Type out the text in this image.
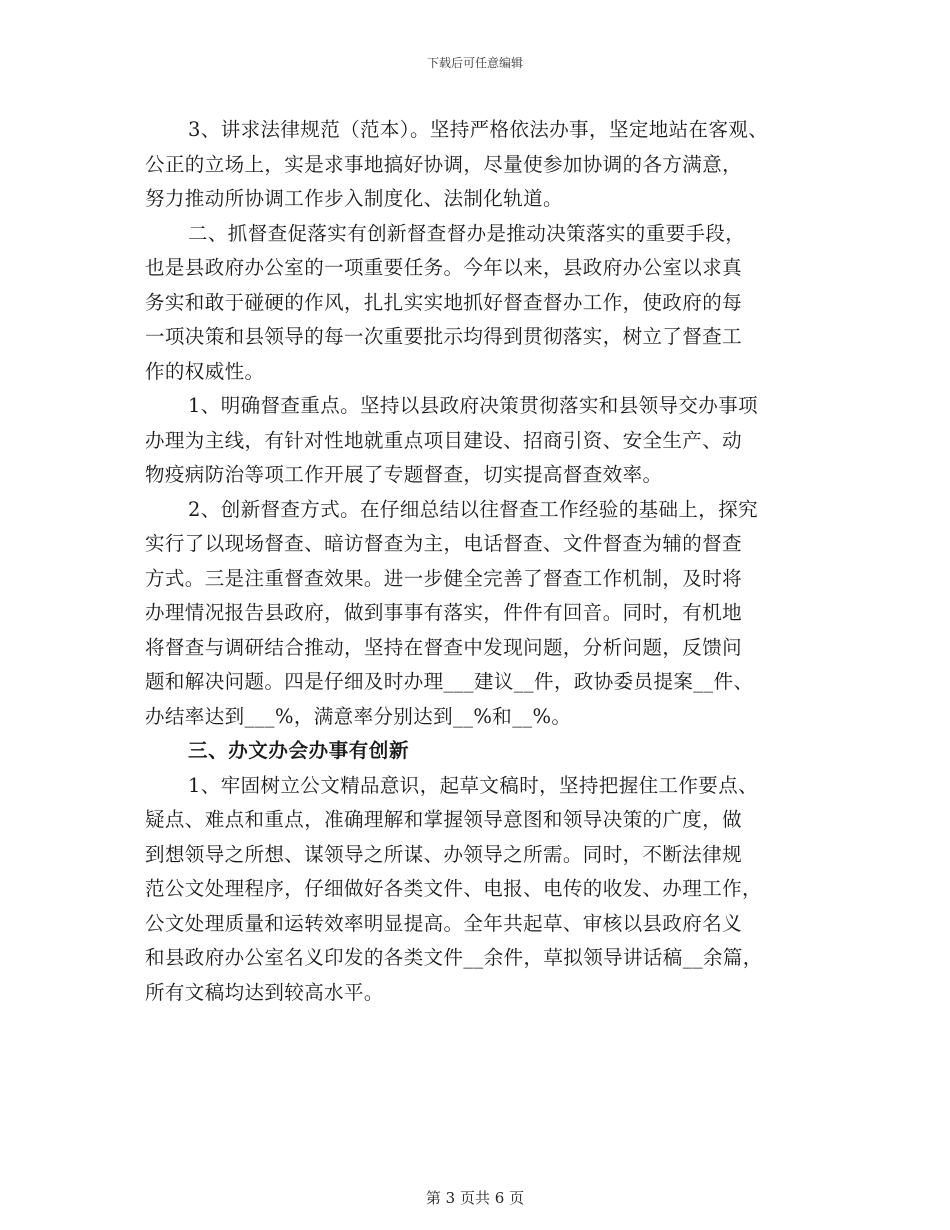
下载后可任意编辑
3、讲求法律规范（范本）。坚持严格依法办事，坚定地站在客观、
公正的立场上，实是求事地搞好协调，尽量使参加协调的各方满意，
努力推动所协调工作步入制度化、法制化轨道。
二、抓督查促落实有创新督查督办是推动决策落实的重要手段，
也是县政府办公室的一项重要任务。今年以来，县政府办公室以求真
务实和敢于碰硬的作风，扎扎实实地抓好督查督办工作，使政府的每
一项决策和县领导的每一次重要批示均得到贯彻落实，树立了督查工
作的权威性。
1、明确督查重点。坚持以县政府决策贯彻落实和县领导交办事项
办理为主线，有针对性地就重点项目建设、招商引资、安全生产、动
物疫病防治等项工作开展了专题督查，切实提高督查效率。
2、创新督查方式。在仔细总结以往督查工作经验的基础上，探究
实行了以现场督查、暗访督查为主，电话督查、文件督查为辅的督查
方式。三是注重督查效果。进一步健全完善了督查工作机制，及时将
办理情况报告县政府，做到事事有落实，件件有回音。同时，有机地
将督查与调研结合推动，坚持在督查中发现问题，分析问题，反馈问
题和解决问题。四是仔细及时办理___建议__件，政协委员提案__件、
办结率达到___%，满意率分别达到__%和__%。
三、办文办会办事有创新
1、牢固树立公文精品意识，起草文稿时，坚持把握住工作要点、
疑点、难点和重点，准确理解和掌握领导意图和领导决策的广度，做
到想领导之所想、谋领导之所谋、办领导之所需。同时，不断法律规
范公文处理程序，仔细做好各类文件、电报、电传的收发、办理工作，
公文处理质量和运转效率明显提高。全年共起草、审核以县政府名义
和县政府办公室名义印发的各类文件__余件，草拟领导讲话稿__余篇，
所有文稿均达到较高水平。
第 3 页共 6 页
